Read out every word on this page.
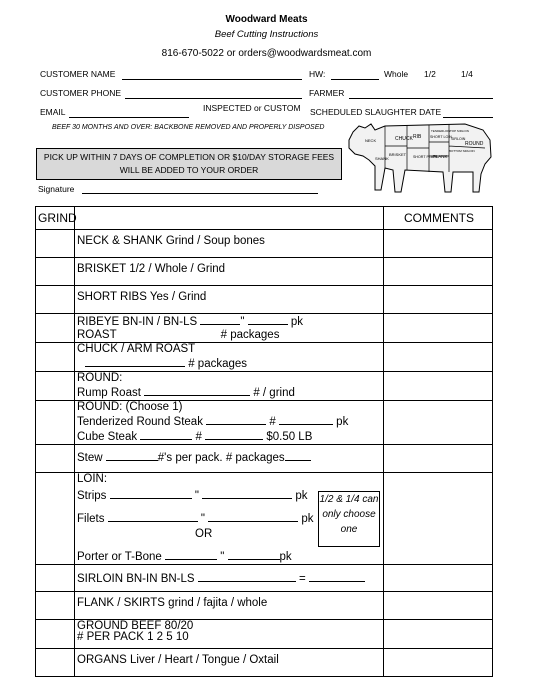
Woodward Meats
Beef Cutting Instructions
816-670-5022 or orders@woodwardsmeat.com
CUSTOMER NAME	HW:	Whole 1/2	1/4
CUSTOMER PHONE	FARMER
EMAIL	INSPECTED or CUSTOM SCHEDULED SLAUGHTER DATE
BEEF 30 MONTHS AND OVER: BACKBONE REMOVED AND PROPERLY DISPOSED
PICK UP WITHIN 7 DAYS OF COMPLETION OR $10/DAY STORAGE FEES
WILL BE ADDED TO YOUR ORDER
Signature
CHUCK RIB SHORT LOIN SIRLOIN
ROUND
SHANK
BRISKET SHORT PLATE
FLANK
TENDERLOIN TOP SIRLOIN
BOTTOM SIRLOIN
NECK
GRIND		COMMENTS
	NECK & SHANK Grind / Soup bones	
	BRISKET 1/2 / Whole / Grind	
	SHORT RIBS Yes / Grind	

	RIBEYE BN-IN / BN-LS " pk
ROAST # packages	

	CHUCK / ARM ROAST
# packages	

	ROUND:
Rump Roast # / grind	

	ROUND: (Choose 1)
Tenderized Round Steak # pk
Cube Steak # $0.50 LB	

	Stew #'s per pack. # packages	

	LOIN:
Strips " pk
Filets " pk
OR
Porter or T-Bone " pk	

	SIRLOIN BN-IN BN-LS =	
	FLANK / SKIRTS grind / fajita / whole	

	GROUND BEEF 80/20
# PER PACK 1 2 5 10	

	ORGANS Liver / Heart / Tongue / Oxtail	
1/2 & 1/4 can only choose one
